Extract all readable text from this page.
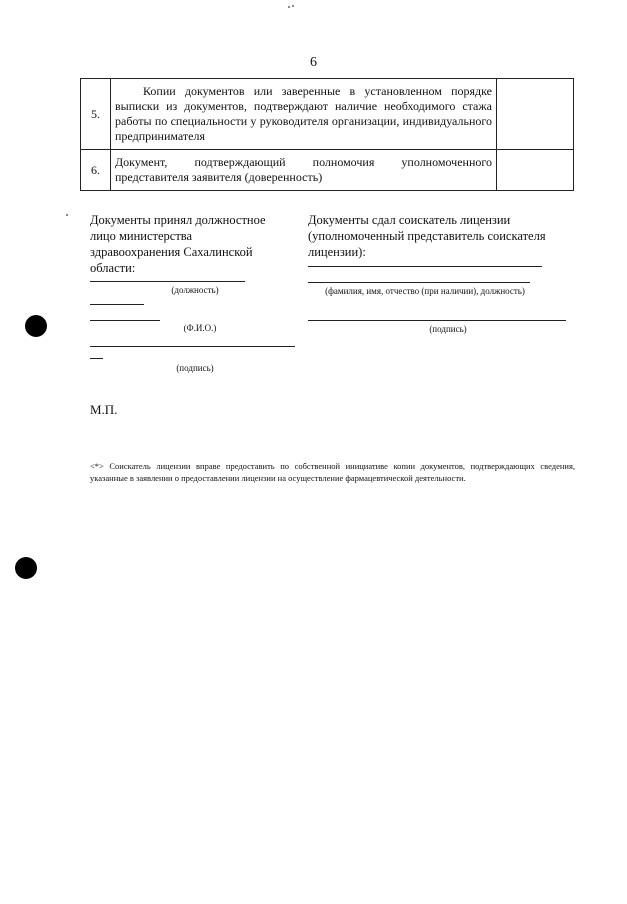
6
5.	Копии документов или заверенные в установленном порядке выписки из документов, подтверждают наличие необходимого стажа работы по специальности у руководителя организации, индивидуального предпринимателя	
6.	Документ, подтверждающий полномочия уполномоченного представителя заявителя (доверенность)	
Документы принял должностное лицо министерства здравоохранения Сахалинской области:
(должность)
(Ф.И.О.)
(подпись)
Документы сдал соискатель лицензии (уполномоченный представитель соискателя лицензии):
(фамилия, имя, отчество (при наличии), должность)
(подпись)
М.П.
<*> Соискатель лицензии вправе предоставить по собственной инициативе копии документов, подтверждающих сведения, указанные в заявлении о предоставлении лицензии на осуществление фармацевтической деятельности.
